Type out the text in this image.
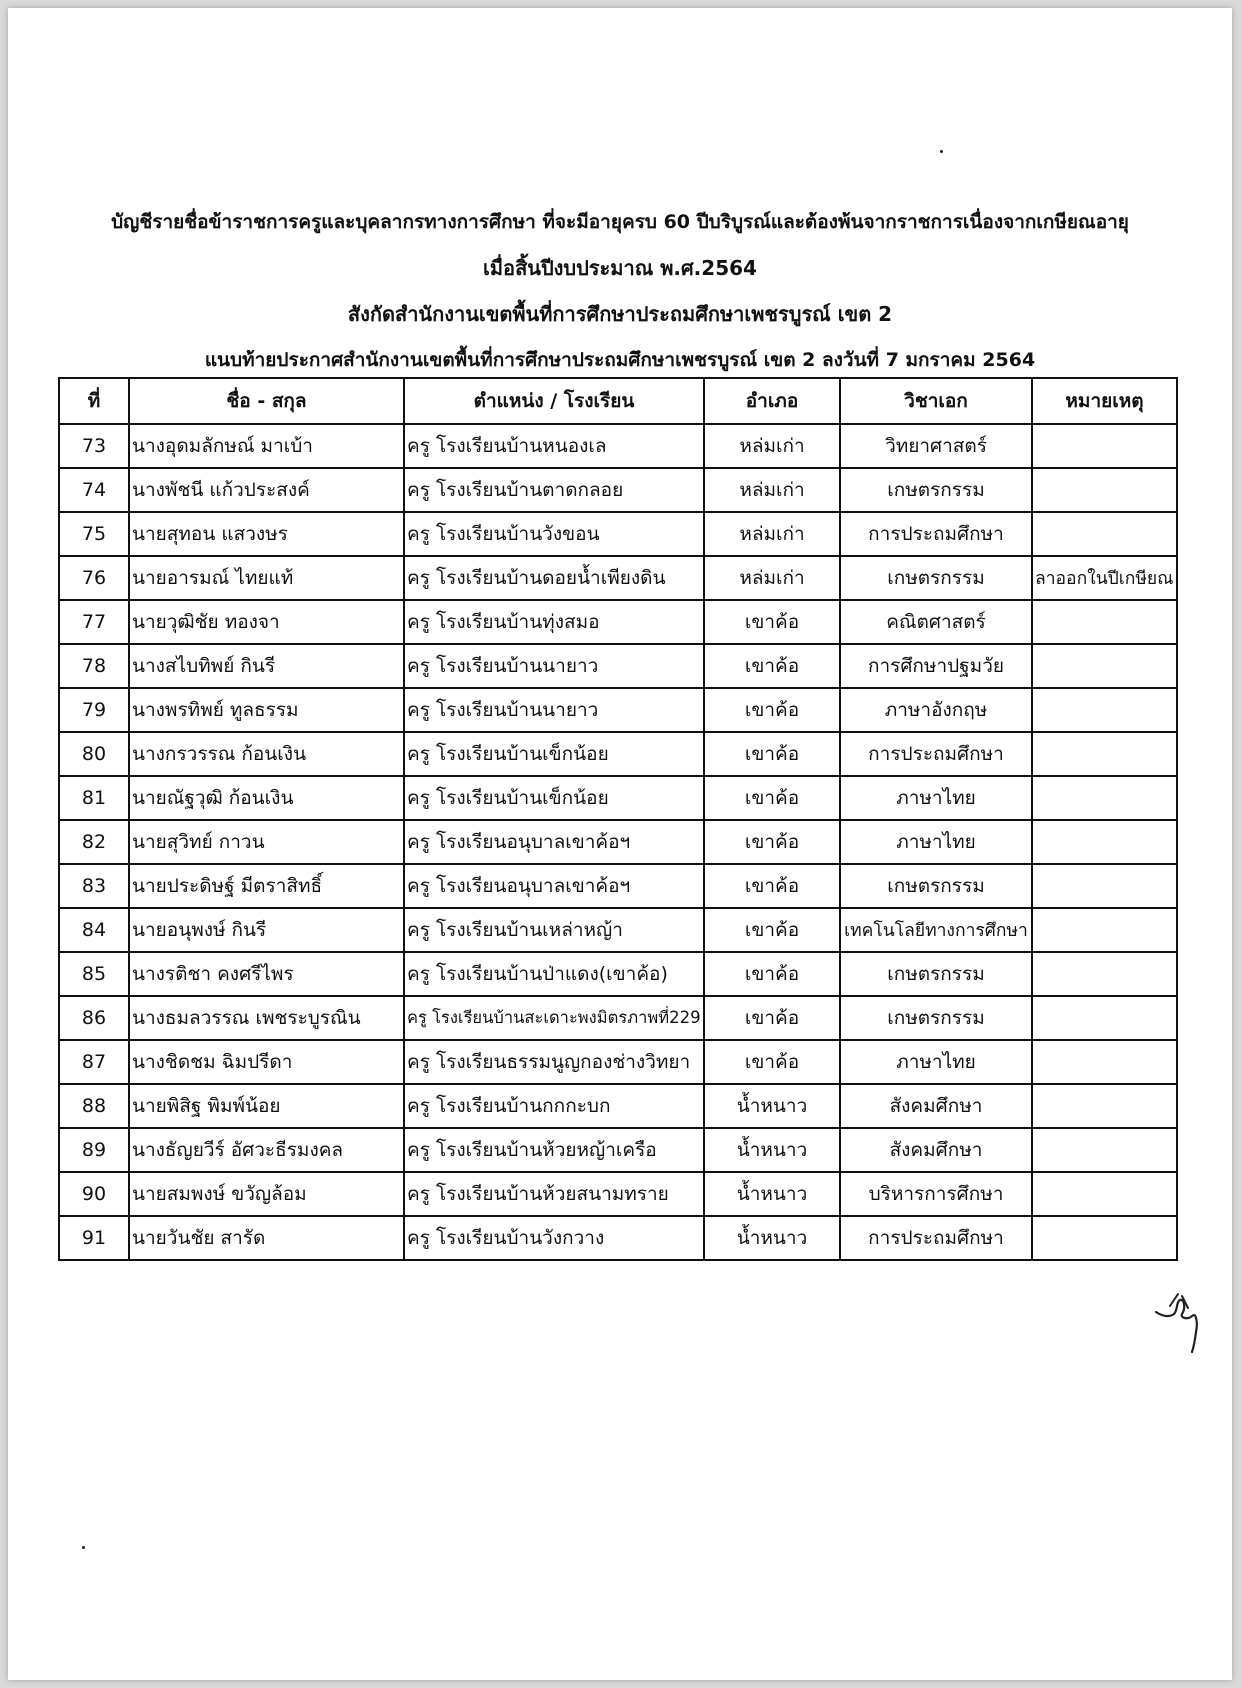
บัญชีรายชื่อข้าราชการครูและบุคลากรทางการศึกษา ที่จะมีอายุครบ 60 ปีบริบูรณ์และต้องพ้นจากราชการเนื่องจากเกษียณอายุ
เมื่อสิ้นปีงบประมาณ พ.ศ.2564
สังกัดสำนักงานเขตพื้นที่การศึกษาประถมศึกษาเพชรบูรณ์ เขต 2
แนบท้ายประกาศสำนักงานเขตพื้นที่การศึกษาประถมศึกษาเพชรบูรณ์ เขต 2 ลงวันที่ 7 มกราคม 2564
ที่	ชื่อ - สกุล	ตำแหน่ง / โรงเรียน	อำเภอ	วิชาเอก	หมายเหตุ
73	นางอุดมลักษณ์ มาเบ้า	ครู โรงเรียนบ้านหนองเล	หล่มเก่า	วิทยาศาสตร์	
74	นางพัชนี แก้วประสงค์	ครู โรงเรียนบ้านตาดกลอย	หล่มเก่า	เกษตรกรรม	
75	นายสุทอน แสวงษร	ครู โรงเรียนบ้านวังขอน	หล่มเก่า	การประถมศึกษา	
76	นายอารมณ์ ไทยแท้	ครู โรงเรียนบ้านดอยน้ำเพียงดิน	หล่มเก่า	เกษตรกรรม	ลาออกในปีเกษียณ
77	นายวุฒิชัย ทองจา	ครู โรงเรียนบ้านทุ่งสมอ	เขาค้อ	คณิตศาสตร์	
78	นางสไบทิพย์ กินรี	ครู โรงเรียนบ้านนายาว	เขาค้อ	การศึกษาปฐมวัย	
79	นางพรทิพย์ ทูลธรรม	ครู โรงเรียนบ้านนายาว	เขาค้อ	ภาษาอังกฤษ	
80	นางกรวรรณ ก้อนเงิน	ครู โรงเรียนบ้านเข็กน้อย	เขาค้อ	การประถมศึกษา	
81	นายณัฐวุฒิ ก้อนเงิน	ครู โรงเรียนบ้านเข็กน้อย	เขาค้อ	ภาษาไทย	
82	นายสุวิทย์ กาวน	ครู โรงเรียนอนุบาลเขาค้อฯ	เขาค้อ	ภาษาไทย	
83	นายประดิษฐ์ มีตราสิทธิ์	ครู โรงเรียนอนุบาลเขาค้อฯ	เขาค้อ	เกษตรกรรม	
84	นายอนุพงษ์ กินรี	ครู โรงเรียนบ้านเหล่าหญ้า	เขาค้อ	เทคโนโลยีทางการศึกษา	
85	นางรติชา คงศรีไพร	ครู โรงเรียนบ้านป่าแดง(เขาค้อ)	เขาค้อ	เกษตรกรรม	
86	นางธมลวรรณ เพชระบูรณิน	ครู โรงเรียนบ้านสะเดาะพงมิตรภาพที่229	เขาค้อ	เกษตรกรรม	
87	นางชิดชม ฉิมปรีดา	ครู โรงเรียนธรรมนูญกองช่างวิทยา	เขาค้อ	ภาษาไทย	
88	นายพิสิฐ พิมพ์น้อย	ครู โรงเรียนบ้านกกกะบก	น้ำหนาว	สังคมศึกษา	
89	นางธัญยวีร์ อัศวะธีรมงคล	ครู โรงเรียนบ้านห้วยหญ้าเครือ	น้ำหนาว	สังคมศึกษา	
90	นายสมพงษ์ ขวัญล้อม	ครู โรงเรียนบ้านห้วยสนามทราย	น้ำหนาว	บริหารการศึกษา	
91	นายวันชัย สารัด	ครู โรงเรียนบ้านวังกวาง	น้ำหนาว	การประถมศึกษา	
